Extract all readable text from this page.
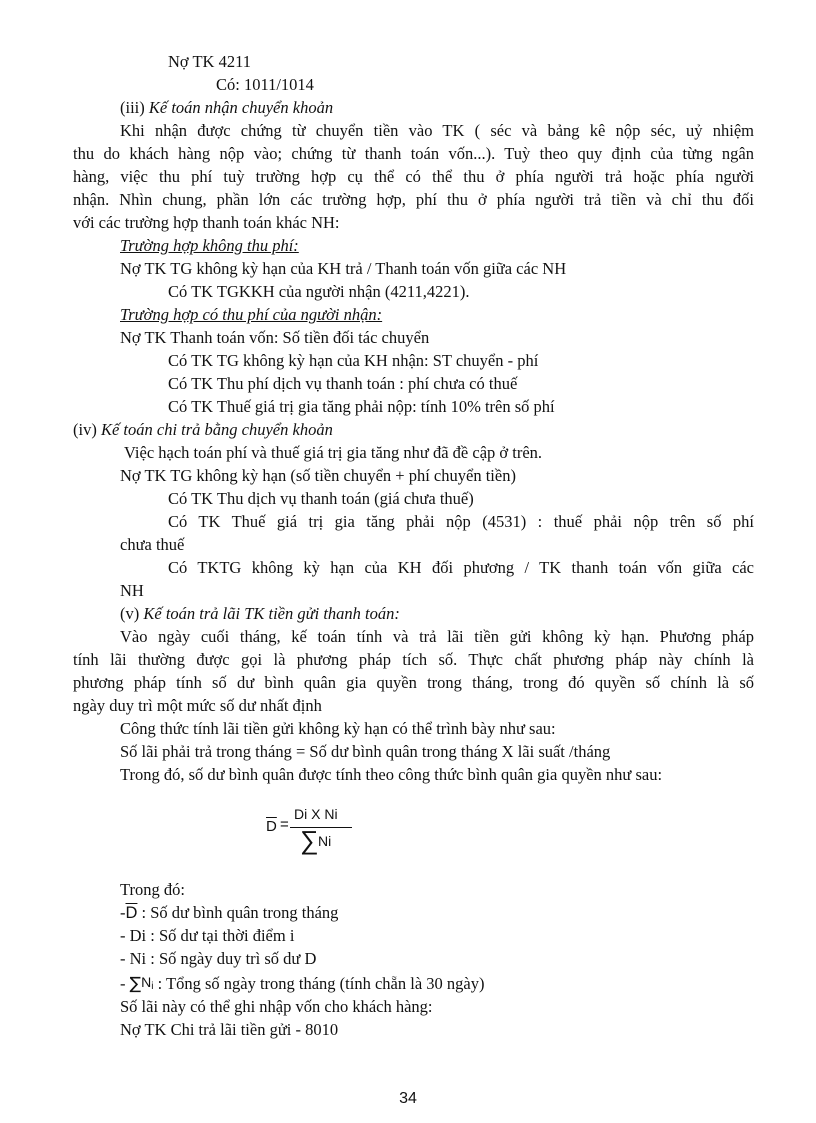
Nợ TK 4211
Có: 1011/1014
(iii) Kế toán nhận chuyển khoản
Khi nhận được chứng từ chuyển tiền vào TK ( séc và bảng kê nộp séc, uỷ nhiệm
thu do khách hàng nộp vào; chứng từ thanh toán vốn...). Tuỳ theo quy định của từng ngân
hàng, việc thu phí tuỳ trường hợp cụ thể có thể thu ở phía người trả hoặc phía người
nhận. Nhìn chung, phần lớn các trường hợp, phí thu ở phía người trả tiền và chỉ thu đối
với các trường hợp thanh toán khác NH:
Trường hợp không thu phí:
Nợ TK TG không kỳ hạn của KH trả / Thanh toán vốn giữa các NH
Có TK TGKKH của người nhận (4211,4221).
Trường hợp có thu phí của người nhận:
Nợ TK Thanh toán vốn: Số tiền đối tác chuyển
Có TK TG không kỳ hạn của KH nhận: ST chuyển - phí
Có TK Thu phí dịch vụ thanh toán : phí chưa có thuế
Có TK Thuế giá trị gia tăng phải nộp: tính 10% trên số phí
(iv) Kế toán chi trả bằng chuyển khoản
Việc hạch toán phí và thuế giá trị gia tăng như đã đề cập ở trên.
Nợ TK TG không kỳ hạn (số tiền chuyển + phí chuyển tiền)
Có TK Thu dịch vụ thanh toán (giá chưa thuế)
Có TK Thuế giá trị gia tăng phải nộp (4531) : thuế phải nộp trên số phí
chưa thuế
Có TKTG không kỳ hạn của KH đối phương / TK thanh toán vốn giữa các
NH
(v) Kế toán trả lãi TK tiền gửi thanh toán:
Vào ngày cuối tháng, kế toán tính và trả lãi tiền gửi không kỳ hạn. Phương pháp
tính lãi thường được gọi là phương pháp tích số. Thực chất phương pháp này chính là
phương pháp tính số dư bình quân gia quyền trong tháng, trong đó quyền số chính là số
ngày duy trì một mức số dư nhất định
Công thức tính lãi tiền gửi không kỳ hạn có thể trình bày như sau:
Số lãi phải trả trong tháng = Số dư bình quân trong tháng X lãi suất /tháng
Trong đó, số dư bình quân được tính theo công thức bình quân gia quyền như sau:
$\overline{D}$ =
Di X Ni
∑ Ni
Trong đó:
$-\overline{D}$ : Số dư bình quân trong tháng
- Di : Số dư tại thời điểm i
- Ni : Số ngày duy trì số dư D
- ∑Ni : Tổng số ngày trong tháng (tính chẵn là 30 ngày)
Số lãi này có thể ghi nhập vốn cho khách hàng:
Nợ TK Chi trả lãi tiền gửi - 8010
34
